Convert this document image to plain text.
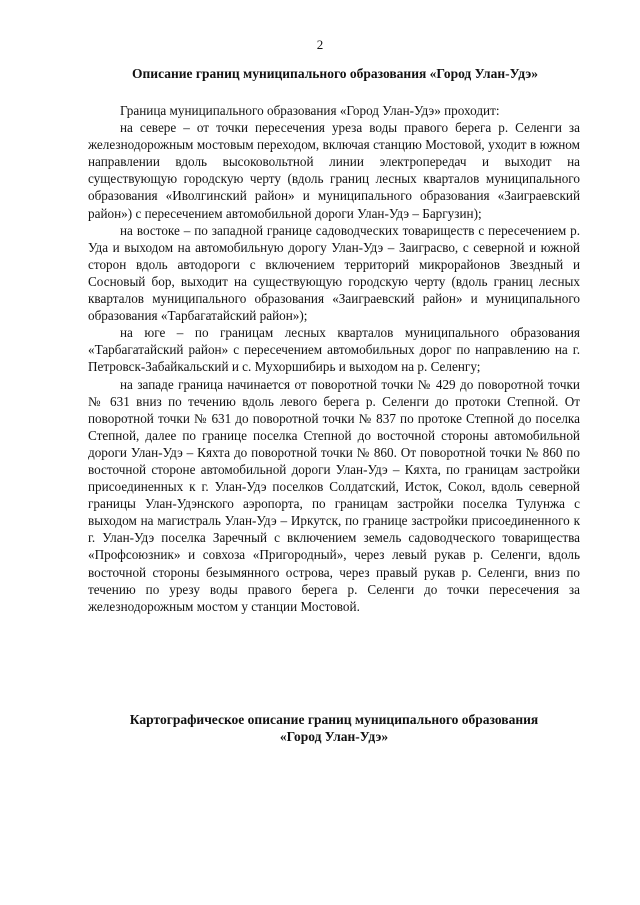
2
Описание границ муниципального образования «Город Улан-Удэ»

Граница муниципального образования «Город Улан-Удэ» проходит:

на севере – от точки пересечения уреза воды правого берега р. Селенги за железнодорожным мостовым переходом, включая станцию Мостовой, уходит в южном направлении вдоль высоковольтной линии электропередач и выходит на существующую городскую черту (вдоль границ лесных кварталов муниципального образования «Иволгинский район» и муниципального образования «Заиграевский район») с пересечением автомобильной дороги Улан-Удэ – Баргузин);

на востоке – по западной границе садоводческих товариществ с пересечением р. Уда и выходом на автомобильную дорогу Улан-Удэ – Заиграсво, с северной и южной сторон вдоль автодороги с включением территорий микрорайонов Звездный и Сосновый бор, выходит на существующую городскую черту (вдоль границ лесных кварталов муниципального образования «Заиграевский район» и муниципального образования «Тарбагатайский район»);

на юге – по границам лесных кварталов муниципального образования «Тарбагатайский район» с пересечением автомобильных дорог по направлению на г. Петровск-Забайкальский и с. Мухоршибирь и выходом на р. Селенгу;

на западе граница начинается от поворотной точки № 429 до поворотной точки № 631 вниз по течению вдоль левого берега р. Селенги до протоки Степной. От поворотной точки № 631 до поворотной точки № 837 по протоке Степной до поселка Степной, далее по границе поселка Степной до восточной стороны автомобильной дороги Улан-Удэ – Кяхта до поворотной точки № 860. От поворотной точки № 860 по восточной стороне автомобильной дороги Улан-Удэ – Кяхта, по границам застройки присоединенных к г. Улан-Удэ поселков Солдатский, Исток, Сокол, вдоль северной границы Улан-Удэнского аэропорта, по границам застройки поселка Тулунжа с выходом на магистраль Улан-Удэ – Иркутск, по границе застройки присоединенного к г. Улан-Удэ поселка Заречный с включением земель садоводческого товарищества «Профсоюзник» и совхоза «Пригородный», через левый рукав р. Селенги, вдоль восточной стороны безымянного острова, через правый рукав р. Селенги, вниз по течению по урезу воды правого берега р. Селенги до точки пересечения за железнодорожным мостом у станции Мостовой.

Картографическое описание границ муниципального образования
«Город Улан-Удэ»
